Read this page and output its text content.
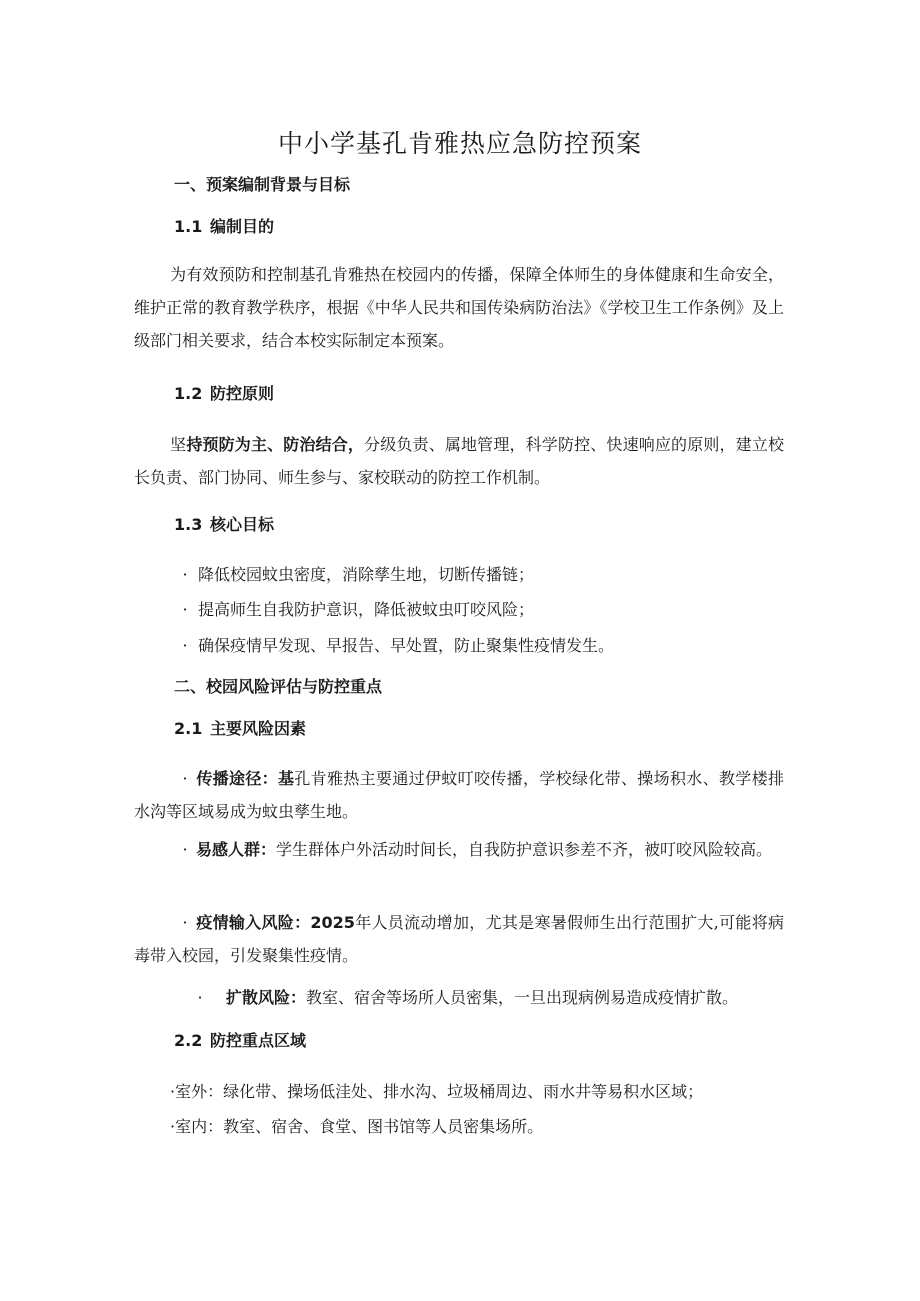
中小学基孔肯雅热应急防控预案
一、预案编制背景与目标
1.1 编制目的
为有效预防和控制基孔肯雅热在校园内的传播，保障全体师生的身体健康和生命安全，维护正常的教育教学秩序，根据《中华人民共和国传染病防治法》《学校卫生工作条例》及上级部门相关要求，结合本校实际制定本预案。
1.2 防控原则
坚持预防为主、防治结合，分级负责、属地管理，科学防控、快速响应的原则，建立校长负责、部门协同、师生参与、家校联动的防控工作机制。
1.3 核心目标
· 降低校园蚊虫密度，消除孳生地，切断传播链；
· 提高师生自我防护意识，降低被蚊虫叮咬风险；
· 确保疫情早发现、早报告、早处置，防止聚集性疫情发生。
二、校园风险评估与防控重点
2.1 主要风险因素
· 传播途径：基孔肯雅热主要通过伊蚊叮咬传播，学校绿化带、操场积水、教学楼排水沟等区域易成为蚊虫孳生地。
· 易感人群：学生群体户外活动时间长，自我防护意识参差不齐，被叮咬风险较高。
· 疫情输入风险：2025年人员流动增加，尤其是寒暑假师生出行范围扩大,可能将病毒带入校园，引发聚集性疫情。
· 扩散风险：教室、宿舍等场所人员密集，一旦出现病例易造成疫情扩散。
2.2 防控重点区域
·室外：绿化带、操场低洼处、排水沟、垃圾桶周边、雨水井等易积水区域；
·室内：教室、宿舍、食堂、图书馆等人员密集场所。
